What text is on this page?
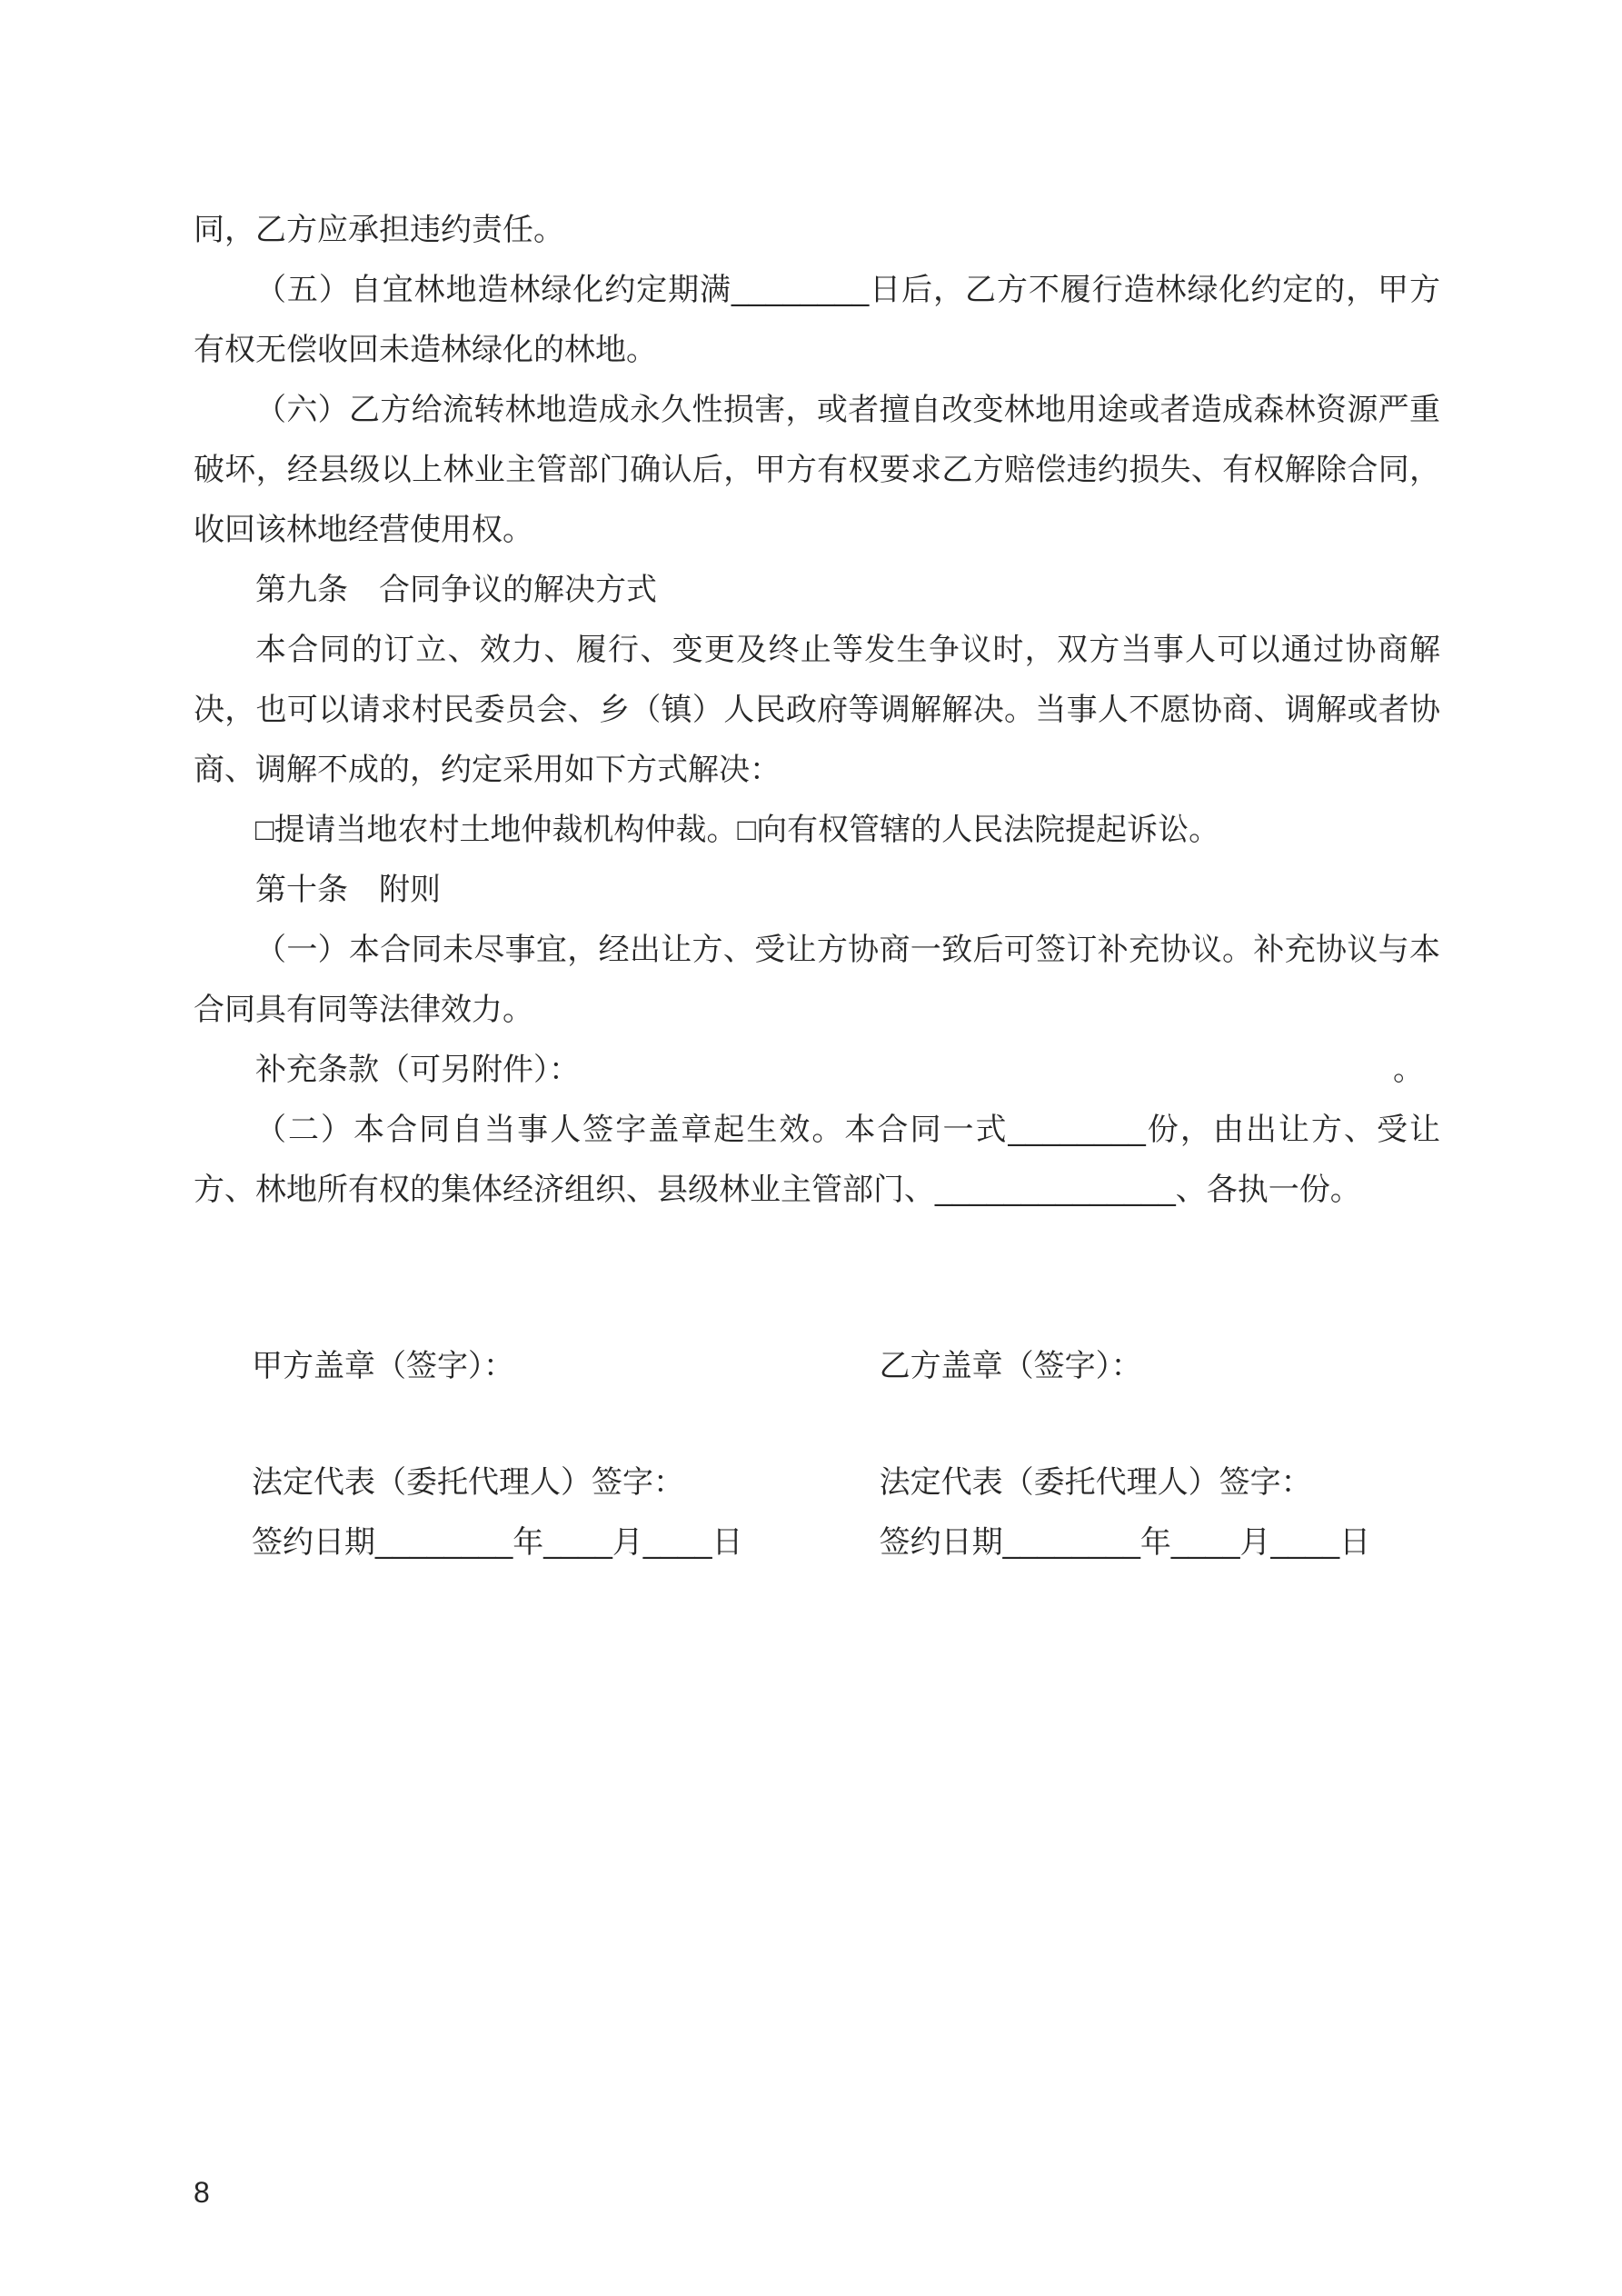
同，乙方应承担违约责任。

（五）自宜林地造林绿化约定期满________日后，乙方不履行造林绿化约定的，甲方有权无偿收回未造林绿化的林地。

（六）乙方给流转林地造成永久性损害，或者擅自改变林地用途或者造成森林资源严重破坏，经县级以上林业主管部门确认后，甲方有权要求乙方赔偿违约损失、有权解除合同，收回该林地经营使用权。

第九条　合同争议的解决方式

本合同的订立、效力、履行、变更及终止等发生争议时，双方当事人可以通过协商解决，也可以请求村民委员会、乡（镇）人民政府等调解解决。当事人不愿协商、调解或者协商、调解不成的，约定采用如下方式解决：

□提请当地农村土地仲裁机构仲裁。□向有权管辖的人民法院提起诉讼。

第十条　附则

（一）本合同未尽事宜，经出让方、受让方协商一致后可签订补充协议。补充协议与本合同具有同等法律效力。

补充条款（可另附件）：	。

（二）本合同自当事人签字盖章起生效。本合同一式________份，由出让方、受让方、林地所有权的集体经济组织、县级林业主管部门、______________、各执一份。

甲方盖章（签字）：	乙方盖章（签字）：
法定代表（委托代理人）签字：	法定代表（委托代理人）签字：
签约日期________年____月____日	签约日期________年____月____日
8
